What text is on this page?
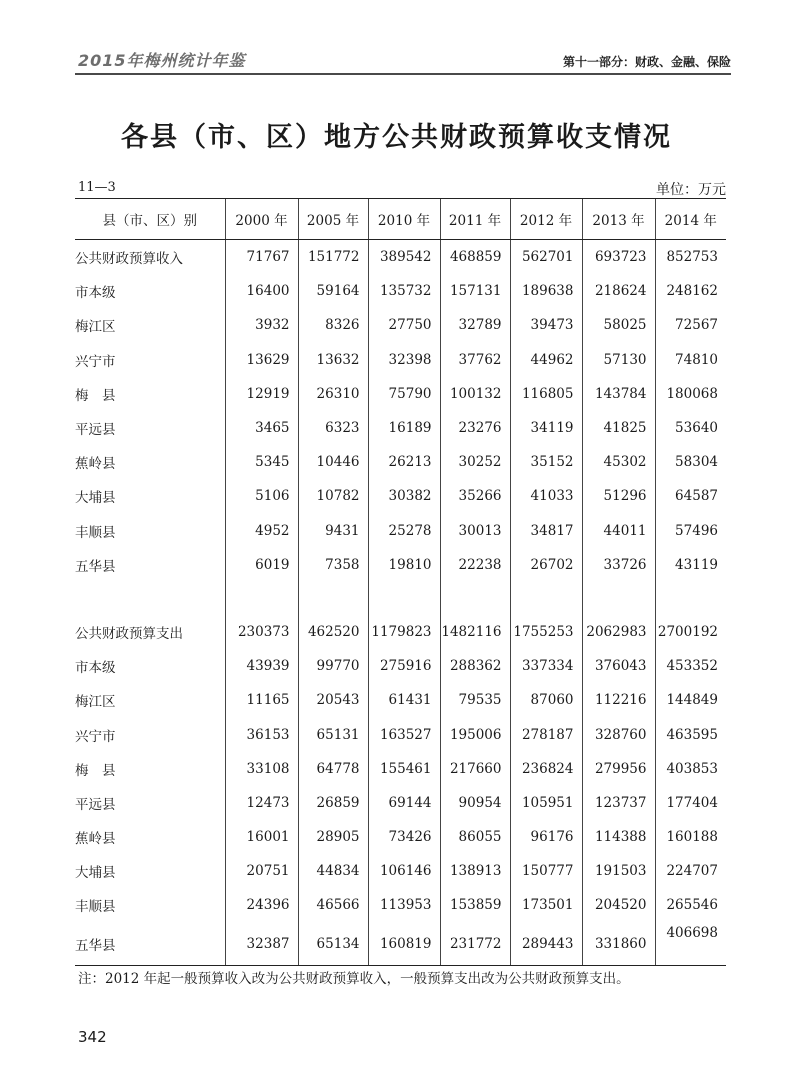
2015年梅州统计年鉴	第十一部分：财政、金融、保险
各县（市、区）地方公共财政预算收支情况
11—3	单位：万元
县（市、区）别	2000 年	2005 年	2010 年	2011 年	2012 年	2013 年	2014 年
公共财政预算收入	71767	151772	389542	468859	562701	693723	852753
市本级	16400	59164	135732	157131	189638	218624	248162
梅江区	3932	8326	27750	32789	39473	58025	72567
兴宁市	13629	13632	32398	37762	44962	57130	74810
梅　县	12919	26310	75790	100132	116805	143784	180068
平远县	3465	6323	16189	23276	34119	41825	53640
蕉岭县	5345	10446	26213	30252	35152	45302	58304
大埔县	5106	10782	30382	35266	41033	51296	64587
丰顺县	4952	9431	25278	30013	34817	44011	57496
五华县	6019	7358	19810	22238	26702	33726	43119

公共财政预算支出	230373	462520	1179823	1482116	1755253	2062983	2700192
市本级	43939	99770	275916	288362	337334	376043	453352
梅江区	11165	20543	61431	79535	87060	112216	144849
兴宁市	36153	65131	163527	195006	278187	328760	463595
梅　县	33108	64778	155461	217660	236824	279956	403853
平远县	12473	26859	69144	90954	105951	123737	177404
蕉岭县	16001	28905	73426	86055	96176	114388	160188
大埔县	20751	44834	106146	138913	150777	191503	224707
丰顺县	24396	46566	113953	153859	173501	204520	265546
五华县	32387	65134	160819	231772	289443	331860	406698
注：2012 年起一般预算收入改为公共财政预算收入，一般预算支出改为公共财政预算支出。
342
